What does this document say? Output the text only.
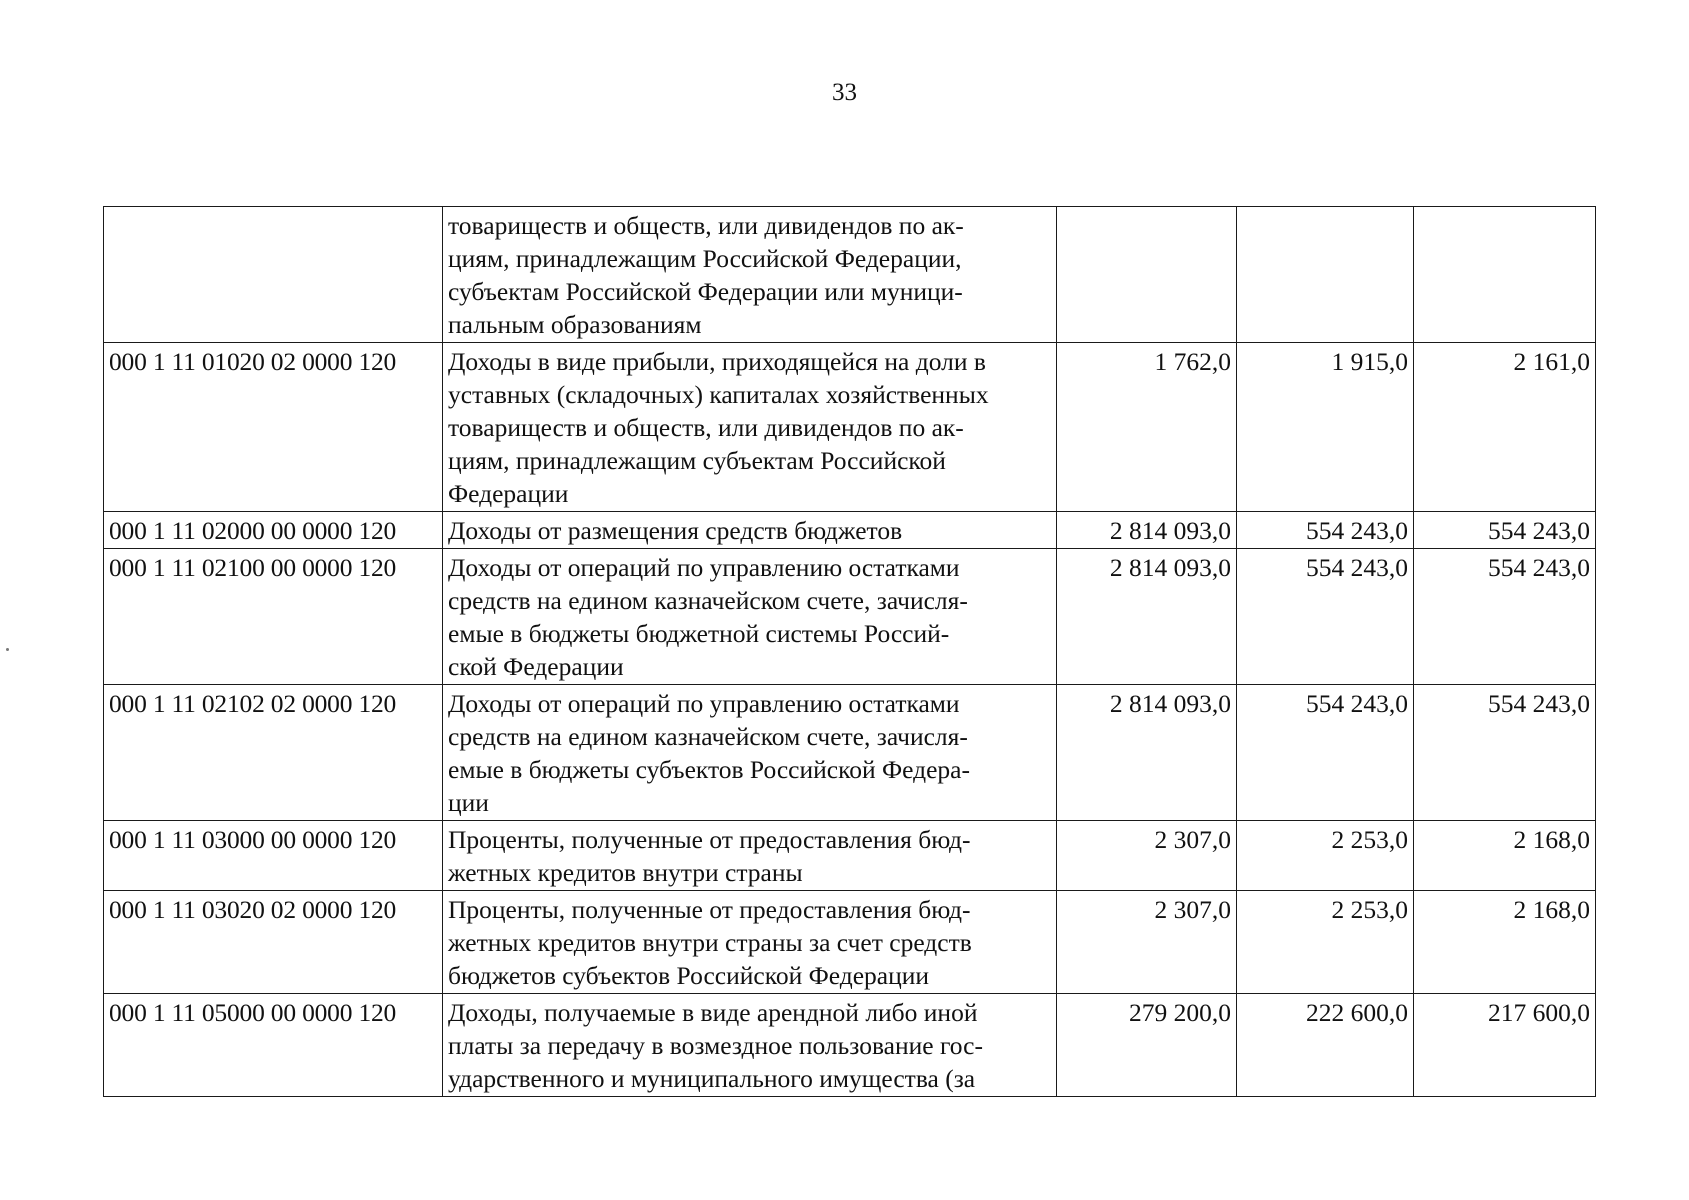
33

	товариществ и обществ, или дивидендов по ак-
циям, принадлежащим Российской Федерации,
субъектам Российской Федерации или муници-
пальным образованиям			

000 1 11 01020 02 0000 120	Доходы в виде прибыли, приходящейся на доли в
уставных (складочных) капиталах хозяйственных
товариществ и обществ, или дивидендов по ак-
циям, принадлежащим субъектам Российской
Федерации	1 762,0	1 915,0	2 161,0
000 1 11 02000 00 0000 120	Доходы от размещения средств бюджетов	2 814 093,0	554 243,0	554 243,0
000 1 11 02100 00 0000 120	Доходы от операций по управлению остатками
средств на едином казначейском счете, зачисля-
емые в бюджеты бюджетной системы Россий-
ской Федерации	2 814 093,0	554 243,0	554 243,0
000 1 11 02102 02 0000 120	Доходы от операций по управлению остатками
средств на едином казначейском счете, зачисля-
емые в бюджеты субъектов Российской Федера-
ции	2 814 093,0	554 243,0	554 243,0
000 1 11 03000 00 0000 120	Проценты, полученные от предоставления бюд-
жетных кредитов внутри страны	2 307,0	2 253,0	2 168,0
000 1 11 03020 02 0000 120	Проценты, полученные от предоставления бюд-
жетных кредитов внутри страны за счет средств
бюджетов субъектов Российской Федерации	2 307,0	2 253,0	2 168,0
000 1 11 05000 00 0000 120	Доходы, получаемые в виде арендной либо иной
платы за передачу в возмездное пользование гос-
ударственного и муниципального имущества (за	279 200,0	222 600,0	217 600,0
